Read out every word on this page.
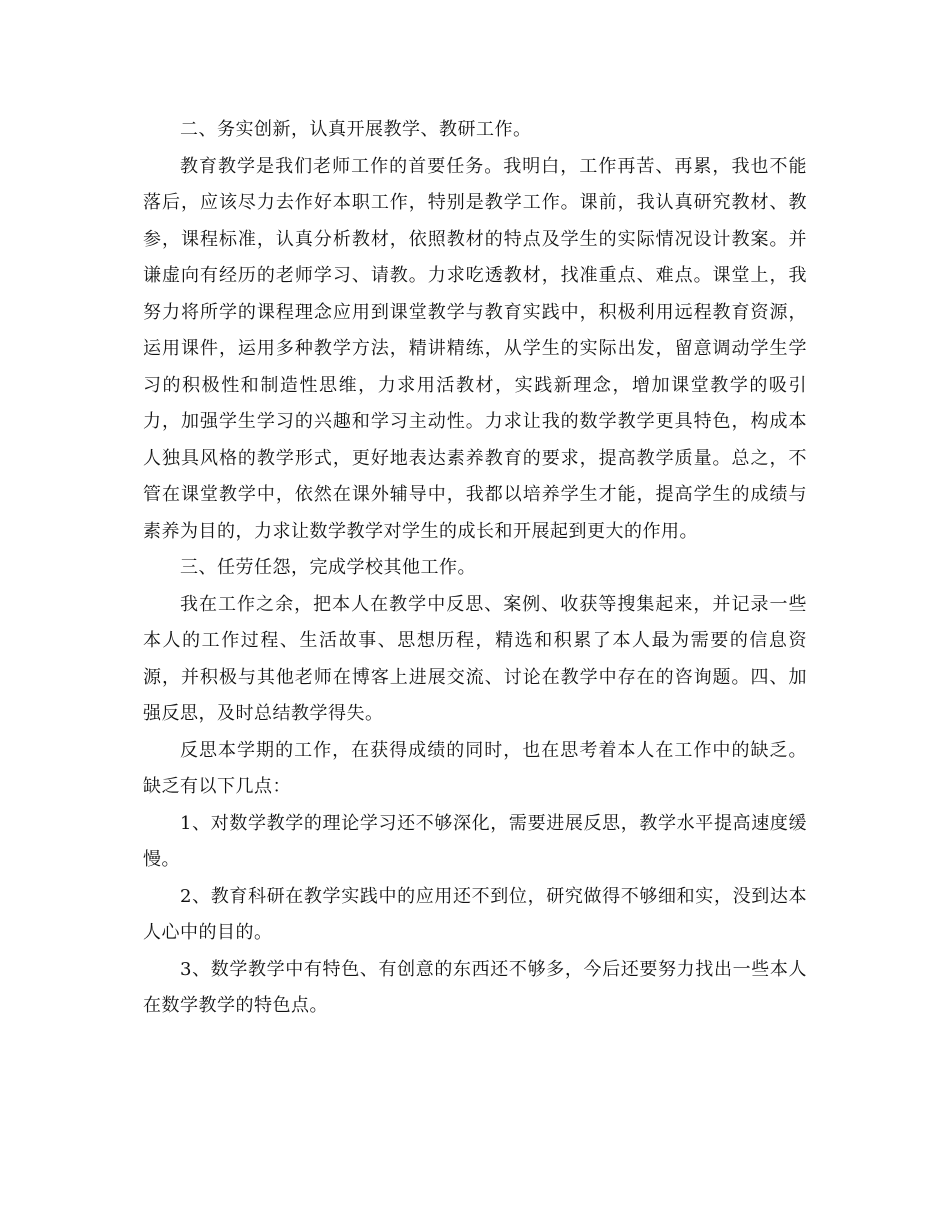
二、务实创新，认真开展教学、教研工作。

教育教学是我们老师工作的首要任务。我明白，工作再苦、再累，我也不能落后，应该尽力去作好本职工作，特别是教学工作。课前，我认真研究教材、教参，课程标准，认真分析教材，依照教材的特点及学生的实际情况设计教案。并谦虚向有经历的老师学习、请教。力求吃透教材，找准重点、难点。课堂上，我努力将所学的课程理念应用到课堂教学与教育实践中，积极利用远程教育资源，运用课件，运用多种教学方法，精讲精练，从学生的实际出发，留意调动学生学习的积极性和制造性思维，力求用活教材，实践新理念，增加课堂教学的吸引力，加强学生学习的兴趣和学习主动性。力求让我的数学教学更具特色，构成本人独具风格的教学形式，更好地表达素养教育的要求，提高教学质量。总之，不管在课堂教学中，依然在课外辅导中，我都以培养学生才能，提高学生的成绩与素养为目的，力求让数学教学对学生的成长和开展起到更大的作用。

三、任劳任怨，完成学校其他工作。

我在工作之余，把本人在教学中反思、案例、收获等搜集起来，并记录一些本人的工作过程、生活故事、思想历程，精选和积累了本人最为需要的信息资源，并积极与其他老师在博客上进展交流、讨论在教学中存在的咨询题。四、加强反思，及时总结教学得失。

反思本学期的工作，在获得成绩的同时，也在思考着本人在工作中的缺乏。缺乏有以下几点：

1、对数学教学的理论学习还不够深化，需要进展反思，教学水平提高速度缓慢。

2、教育科研在教学实践中的应用还不到位，研究做得不够细和实，没到达本人心中的目的。

3、数学教学中有特色、有创意的东西还不够多，今后还要努力找出一些本人在数学教学的特色点。
